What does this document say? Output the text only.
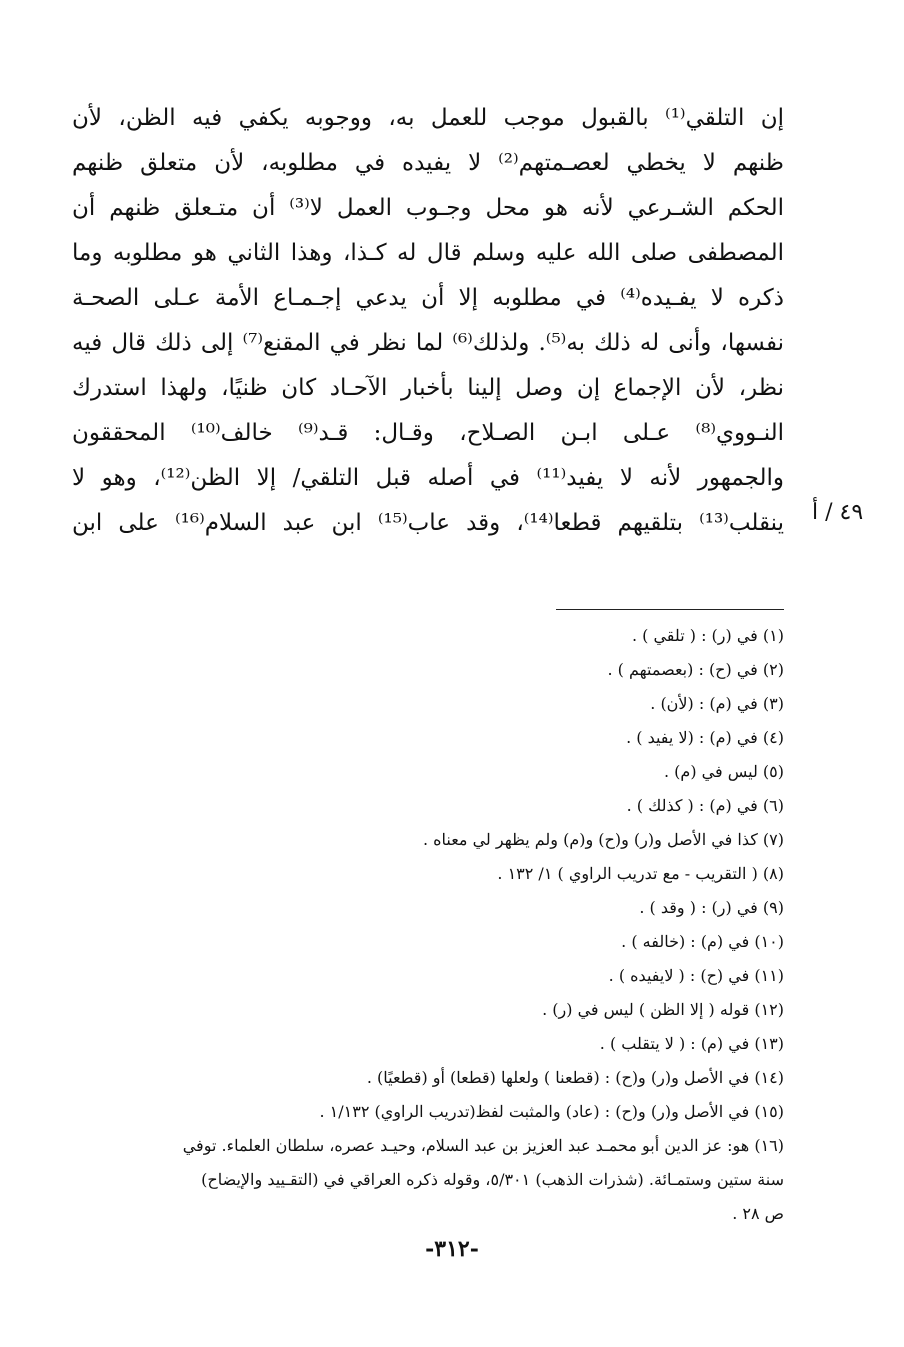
إن التلقي⁽¹⁾ بالقبول موجب للعمل به، ووجوبه يكفي فيه الظن، لأن
ظنهم لا يخطي لعصـمتهم⁽²⁾ لا يفيده في مطلوبه، لأن متعلق ظنهم
الحكم الشـرعي لأنه هو محل وجـوب العمل لا⁽³⁾ أن متـعلق ظنهم أن
المصطفى صلى الله عليه وسلم قال له كـذا، وهذا الثاني هو مطلوبه وما
ذكره لا يفـيده⁽⁴⁾ في مطلوبه إلا أن يدعي إجـمـاع الأمة عـلى الصحـة
نفسها، وأنى له ذلك به⁽⁵⁾. ولذلك⁽⁶⁾ لما نظر في المقنع⁽⁷⁾ إلى ذلك قال فيه
نظر، لأن الإجماع إن وصل إلينا بأخبار الآحـاد كان ظنيًا، ولهذا استدرك
النـووي⁽⁸⁾ عـلى ابـن الصـلاح، وقـال: قـد⁽⁹⁾ خالف⁽¹⁰⁾ المحققون
والجمهور لأنه لا يفيد⁽¹¹⁾ في أصله قبل التلقي/ إلا الظن⁽¹²⁾، وهو لا
ينقلب⁽¹³⁾ بتلقيهم قطعا⁽¹⁴⁾، وقد عاب⁽¹⁵⁾ ابن عبد السلام⁽¹⁶⁾ على ابن ٤٩ / أ
(١) في (ر) : ( تلقي ) .
(٢) في (ح) : (بعصمتهم ) .
(٣) في (م) : (لأن) .
(٤) في (م) : (لا يفيد ) .
(٥) ليس في (م) .
(٦) في (م) : ( كذلك ) .
(٧) كذا في الأصل و(ر) و(ح) و(م) ولم يظهر لي معناه .
(٨) ( التقريب - مع تدريب الراوي ) ١/ ١٣٢ .
(٩) في (ر) : ( وقد ) .
(١٠) في (م) : (خالفه ) .
(١١) في (ح) : ( لايفيده ) .
(١٢) قوله ( إلا الظن ) ليس في (ر) .
(١٣) في (م) : ( لا يتقلب ) .
(١٤) في الأصل و(ر) و(ح) : (قطعنا ) ولعلها (قطعا) أو (قطعيًا) .
(١٥) في الأصل و(ر) و(ح) : (عاد) والمثبت لفظ(تدريب الراوي) ١/١٣٢ .
(١٦) هو: عز الدين أبو محمـد عبد العزيز بن عبد السلام، وحيـد عصره، سلطان العلماء. توفي
سنة ستين وستمـائة. (شذرات الذهب) ٥/٣٠١، وقوله ذكره العراقي في (التقـييد والإيضاح)
ص ٢٨ .
-٣١٢-
